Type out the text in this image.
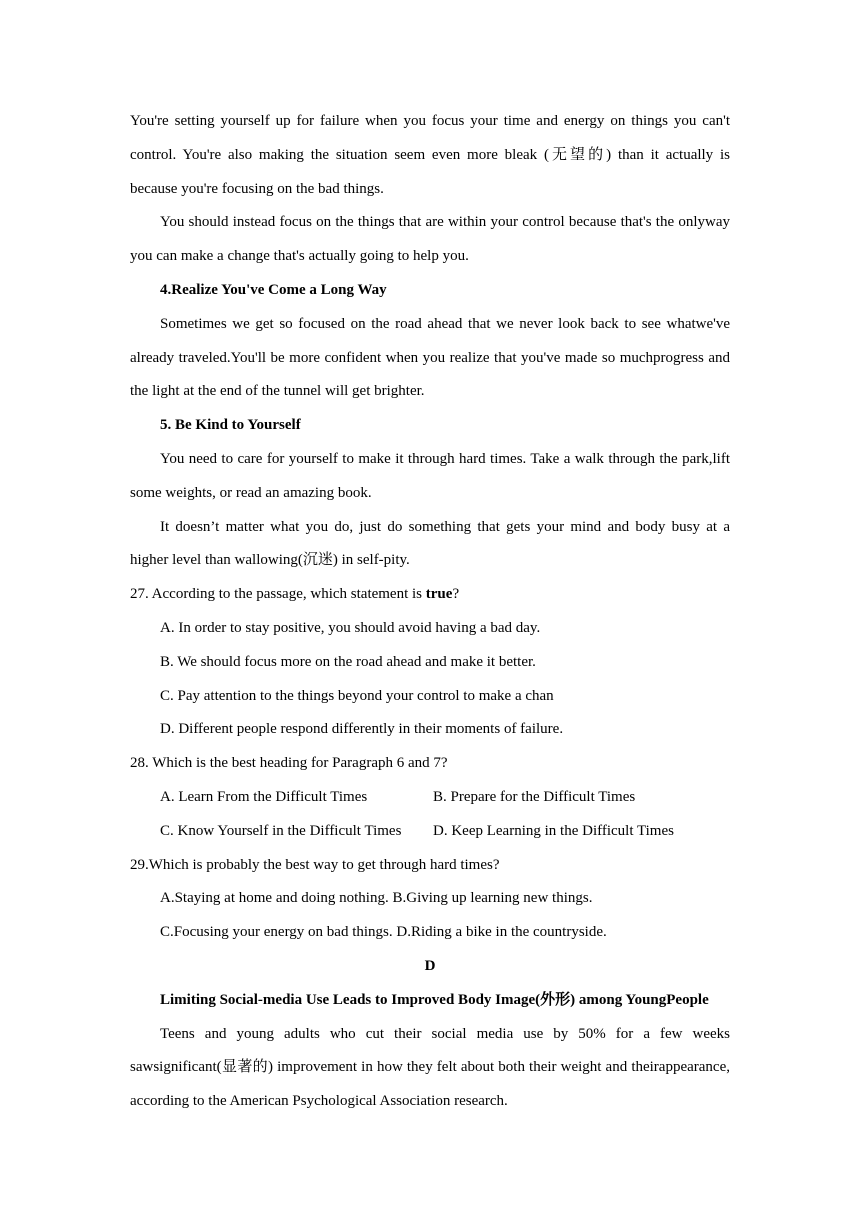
You're setting yourself up for failure when you focus your time and energy on things you can't

control. You're also making the situation seem even more bleak (无望的) than it actually is

because you're focusing on the bad things.

You should instead focus on the things that are within your control because that's the onlyway

you can make a change that's actually going to help you.

4.Realize You've Come a Long Way

Sometimes we get so focused on the road ahead that we never look back to see whatwe've

already traveled.You'll be more confident when you realize that you've made so muchprogress and

the light at the end of the tunnel will get brighter.

5. Be Kind to Yourself

You need to care for yourself to make it through hard times. Take a walk through the park,lift

some weights, or read an amazing book.

It doesn’t matter what you do, just do something that gets your mind and body busy at a

higher level than wallowing(沉迷) in self-pity.

27. According to the passage, which statement is true?

A. In order to stay positive, you should avoid having a bad day.

B. We should focus more on the road ahead and make it better.

C. Pay attention to the things beyond your control to make a chan

D. Different people respond differently in their moments of failure.

28. Which is the best heading for Paragraph 6 and 7?

A. Learn From the Difficult Times	B. Prepare for the Difficult Times
C. Know Yourself in the Difficult Times	D. Keep Learning in the Difficult Times

29.Which is probably the best way to get through hard times?

A.Staying at home and doing nothing. B.Giving up learning new things.

C.Focusing your energy on bad things. D.Riding a bike in the countryside.

D

Limiting Social-media Use Leads to Improved Body Image(外形) among YoungPeople

Teens and young adults who cut their social media use by 50% for a few weeks

sawsignificant(显著的) improvement in how they felt about both their weight and theirappearance,

according to the American Psychological Association research.
